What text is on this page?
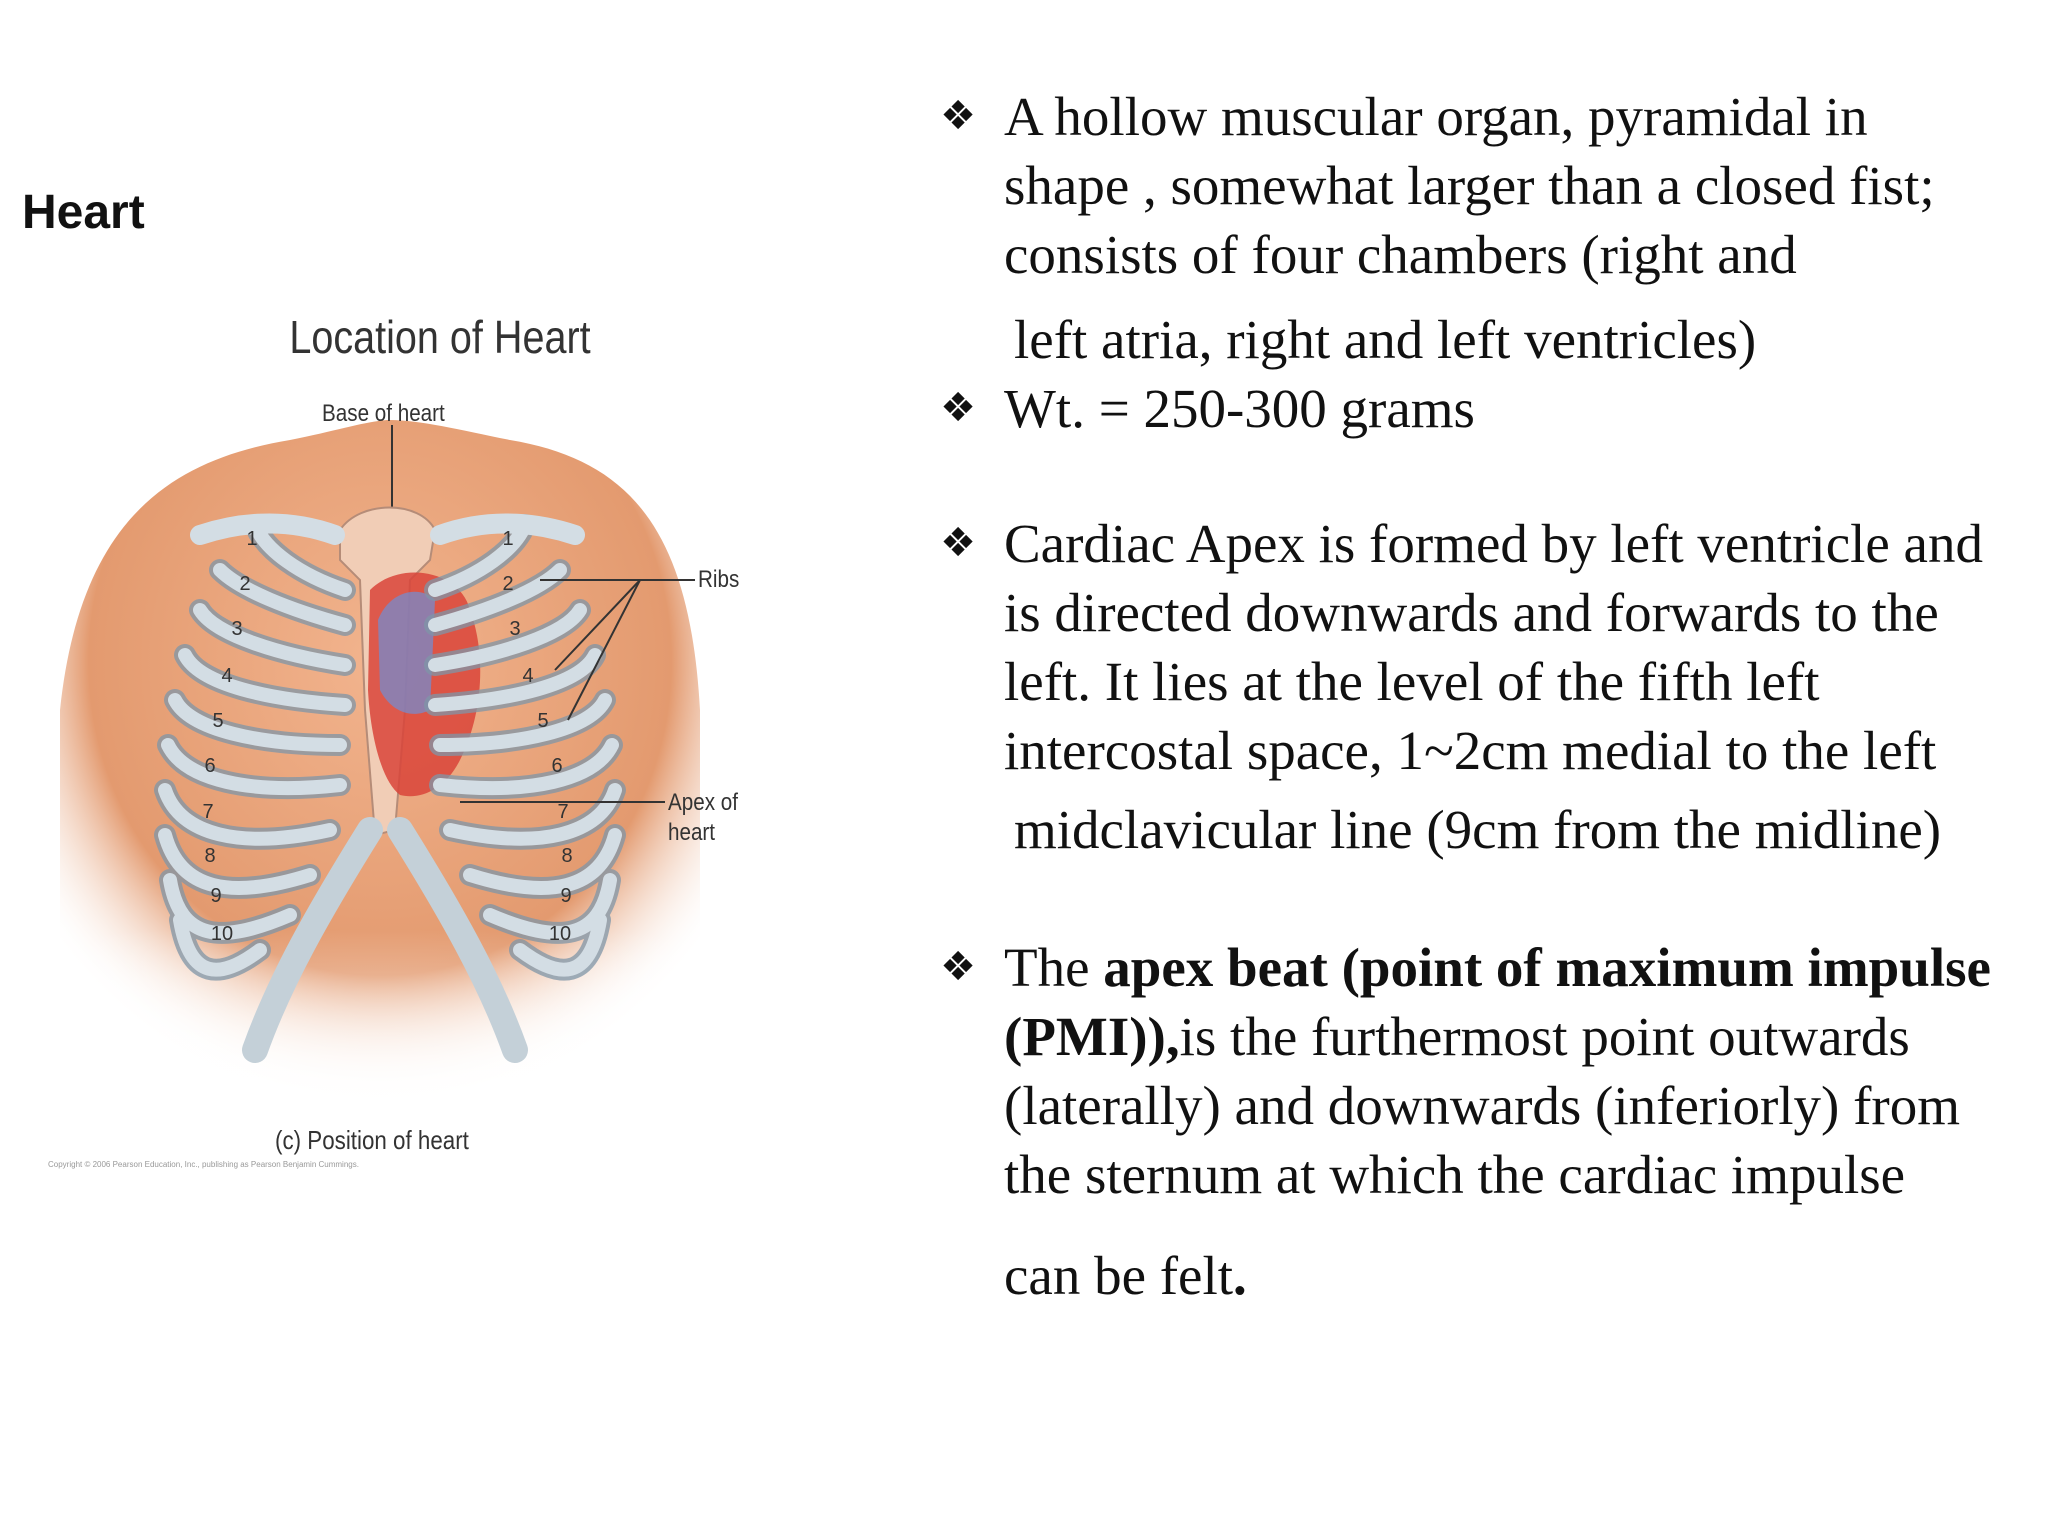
Heart
1
2
3
4
5
6
7
8
9
10
1
2
3
4
5
6
7
8
9
10
Location of Heart
Base of heart
Ribs
Apex of
heart
(c) Position of heart
Copyright © 2006 Pearson Education, Inc., publishing as Pearson Benjamin Cummings.
❖ A hollow muscular organ, pyramidal in
shape , somewhat larger than a closed fist;
consists of four chambers (right and
left atria, right and left ventricles)
❖ Wt. = 250-300 grams
❖ Cardiac Apex is formed by left ventricle and
is directed downwards and forwards to the
left. It lies at the level of the fifth left
intercostal space, 1~2cm medial to the left
midclavicular line (9cm from the midline)
❖ The apex beat (point of maximum impulse
(PMI)),is the furthermost point outwards
(laterally) and downwards (inferiorly) from
the sternum at which the cardiac impulse
can be felt.
